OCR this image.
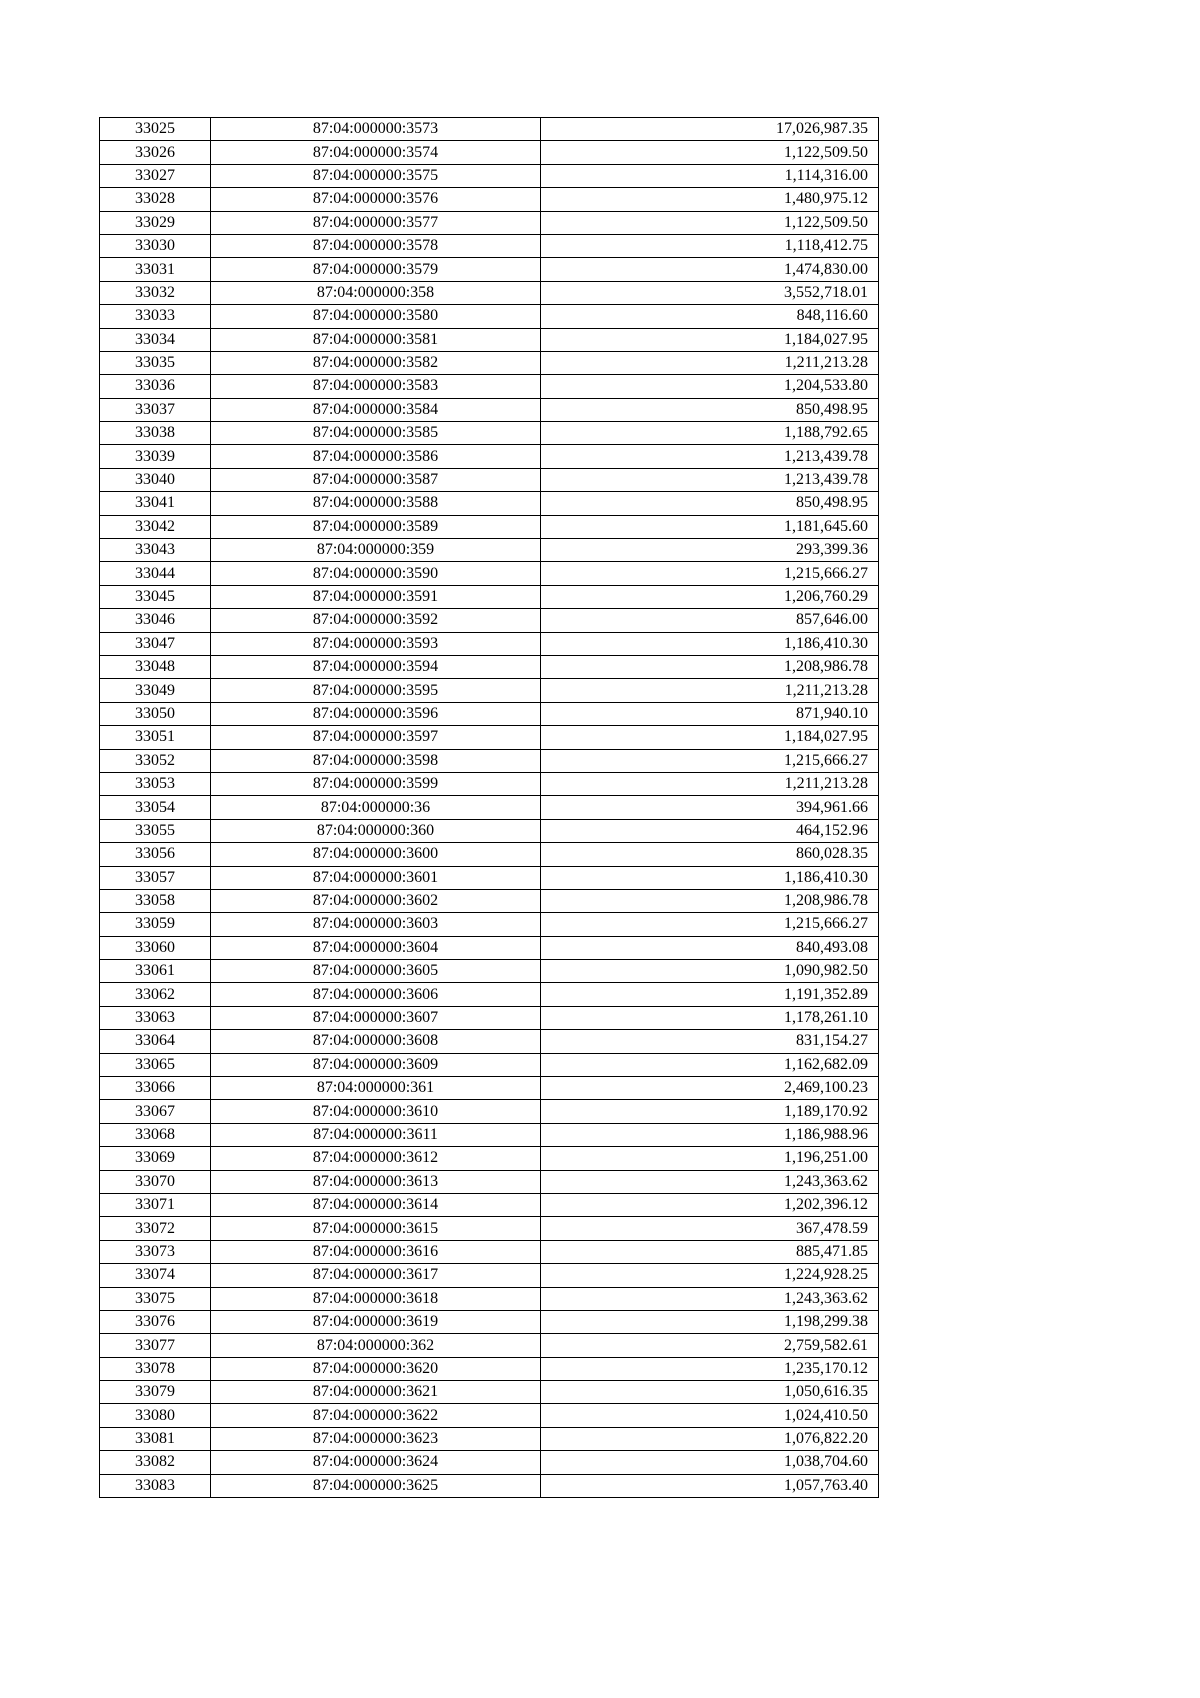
33025	87:04:000000:3573	17,026,987.35
33026	87:04:000000:3574	1,122,509.50
33027	87:04:000000:3575	1,114,316.00
33028	87:04:000000:3576	1,480,975.12
33029	87:04:000000:3577	1,122,509.50
33030	87:04:000000:3578	1,118,412.75
33031	87:04:000000:3579	1,474,830.00
33032	87:04:000000:358	3,552,718.01
33033	87:04:000000:3580	848,116.60
33034	87:04:000000:3581	1,184,027.95
33035	87:04:000000:3582	1,211,213.28
33036	87:04:000000:3583	1,204,533.80
33037	87:04:000000:3584	850,498.95
33038	87:04:000000:3585	1,188,792.65
33039	87:04:000000:3586	1,213,439.78
33040	87:04:000000:3587	1,213,439.78
33041	87:04:000000:3588	850,498.95
33042	87:04:000000:3589	1,181,645.60
33043	87:04:000000:359	293,399.36
33044	87:04:000000:3590	1,215,666.27
33045	87:04:000000:3591	1,206,760.29
33046	87:04:000000:3592	857,646.00
33047	87:04:000000:3593	1,186,410.30
33048	87:04:000000:3594	1,208,986.78
33049	87:04:000000:3595	1,211,213.28
33050	87:04:000000:3596	871,940.10
33051	87:04:000000:3597	1,184,027.95
33052	87:04:000000:3598	1,215,666.27
33053	87:04:000000:3599	1,211,213.28
33054	87:04:000000:36	394,961.66
33055	87:04:000000:360	464,152.96
33056	87:04:000000:3600	860,028.35
33057	87:04:000000:3601	1,186,410.30
33058	87:04:000000:3602	1,208,986.78
33059	87:04:000000:3603	1,215,666.27
33060	87:04:000000:3604	840,493.08
33061	87:04:000000:3605	1,090,982.50
33062	87:04:000000:3606	1,191,352.89
33063	87:04:000000:3607	1,178,261.10
33064	87:04:000000:3608	831,154.27
33065	87:04:000000:3609	1,162,682.09
33066	87:04:000000:361	2,469,100.23
33067	87:04:000000:3610	1,189,170.92
33068	87:04:000000:3611	1,186,988.96
33069	87:04:000000:3612	1,196,251.00
33070	87:04:000000:3613	1,243,363.62
33071	87:04:000000:3614	1,202,396.12
33072	87:04:000000:3615	367,478.59
33073	87:04:000000:3616	885,471.85
33074	87:04:000000:3617	1,224,928.25
33075	87:04:000000:3618	1,243,363.62
33076	87:04:000000:3619	1,198,299.38
33077	87:04:000000:362	2,759,582.61
33078	87:04:000000:3620	1,235,170.12
33079	87:04:000000:3621	1,050,616.35
33080	87:04:000000:3622	1,024,410.50
33081	87:04:000000:3623	1,076,822.20
33082	87:04:000000:3624	1,038,704.60
33083	87:04:000000:3625	1,057,763.40
